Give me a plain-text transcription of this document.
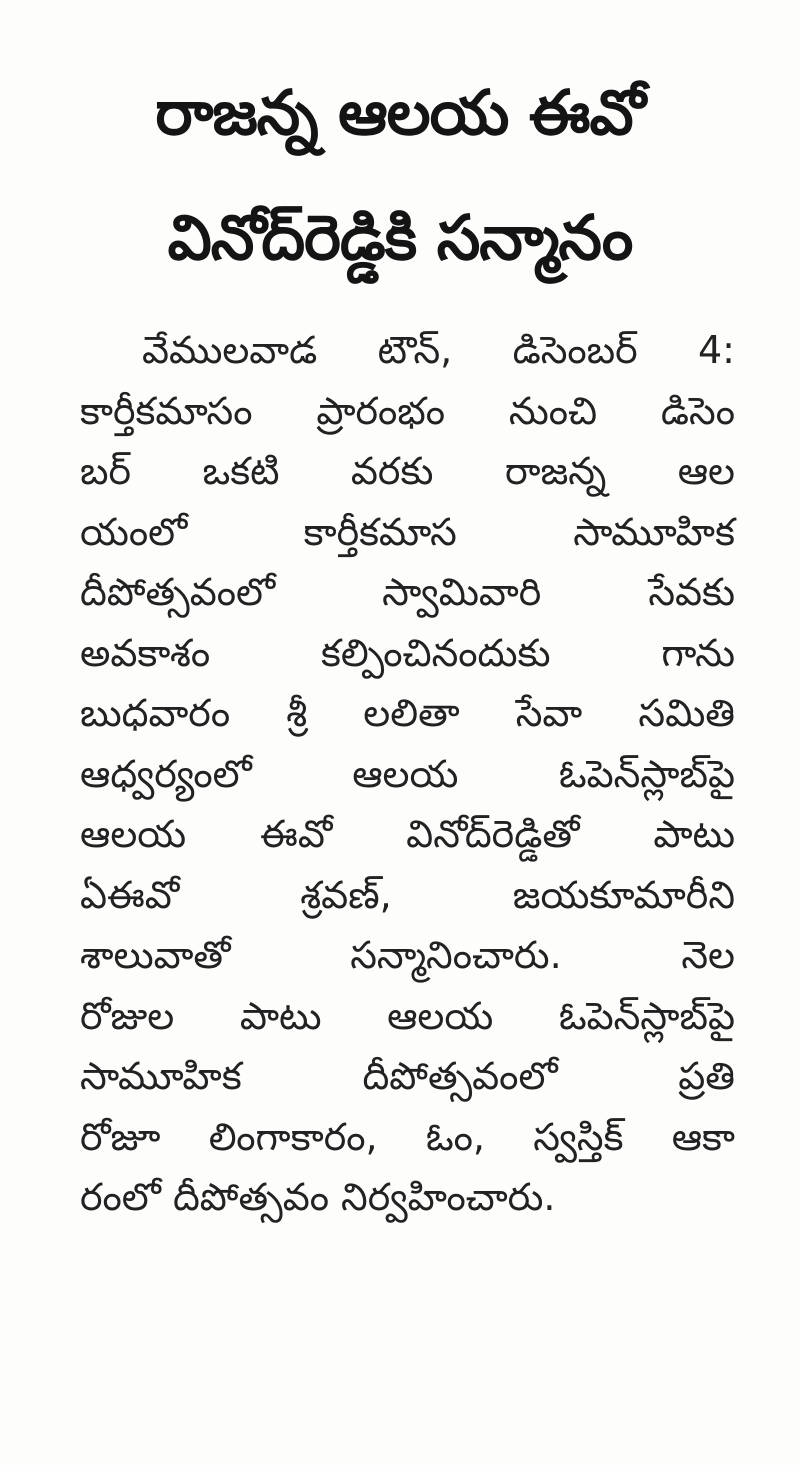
రాజన్న ఆలయ ఈవో
వినోద్‌రెడ్డికి సన్మానం
వేములవాడ టౌన్, డిసెంబర్ 4:
కార్తీకమాసం ప్రారంభం నుంచి డిసెం
బర్ ఒకటి వరకు రాజన్న ఆల
యంలో కార్తీకమాస సామూహిక
దీపోత్సవంలో స్వామివారి సేవకు
అవకాశం కల్పించినందుకు గాను
బుధవారం శ్రీ లలితా సేవా సమితి
ఆధ్వర్యంలో ఆలయ ఓపెన్‌స్లాబ్‌పై
ఆలయ ఈవో వినోద్‌రెడ్డితో పాటు
ఏఈవో శ్రవణ్, జయకూమారీని
శాలువాతో సన్మానించారు. నెల
రోజుల పాటు ఆలయ ఓపెన్‌స్లాబ్‌పై
సామూహిక దీపోత్సవంలో ప్రతి
రోజూ లింగాకారం, ఓం, స్వస్తిక్ ఆకా
రంలో దీపోత్సవం నిర్వహించారు.
